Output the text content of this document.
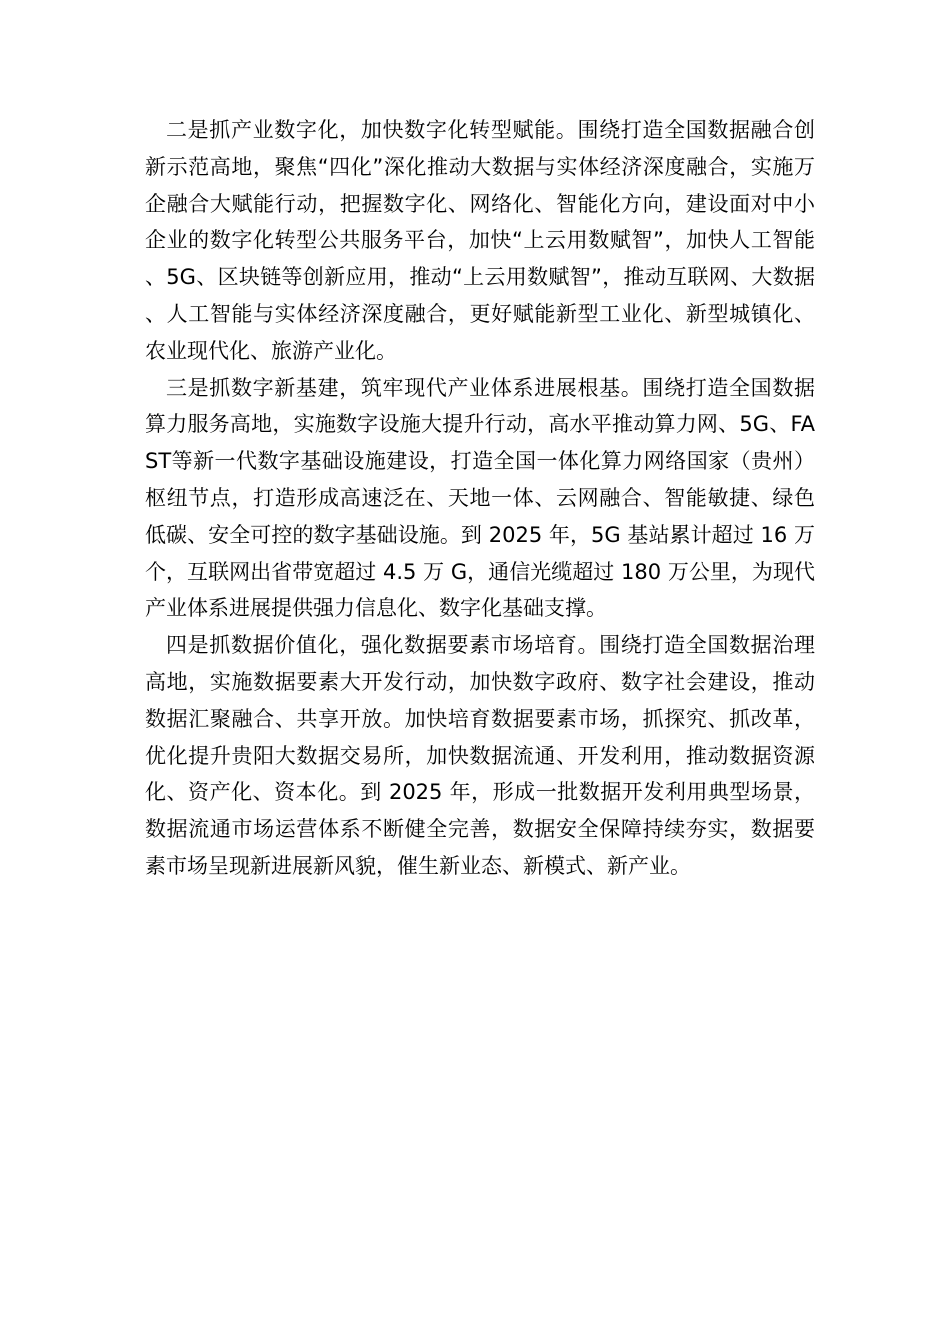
二是抓产业数字化，加快数字化转型赋能。围绕打造全国数据融合创新示范高地，聚焦“四化”深化推动大数据与实体经济深度融合，实施万企融合大赋能行动，把握数字化、网络化、智能化方向，建设面对中小企业的数字化转型公共服务平台，加快“上云用数赋智”，加快人工智能、5G、区块链等创新应用，推动“上云用数赋智”，推动互联网、大数据、人工智能与实体经济深度融合，更好赋能新型工业化、新型城镇化、农业现代化、旅游产业化。

三是抓数字新基建，筑牢现代产业体系进展根基。围绕打造全国数据算力服务高地，实施数字设施大提升行动，高水平推动算力网、5G、FAST等新一代数字基础设施建设，打造全国一体化算力网络国家（贵州）枢纽节点，打造形成高速泛在、天地一体、云网融合、智能敏捷、绿色低碳、安全可控的数字基础设施。到 2025 年，5G 基站累计超过 16 万个，互联网出省带宽超过 4.5 万 G，通信光缆超过 180 万公里，为现代产业体系进展提供强力信息化、数字化基础支撑。

四是抓数据价值化，强化数据要素市场培育。围绕打造全国数据治理高地，实施数据要素大开发行动，加快数字政府、数字社会建设，推动数据汇聚融合、共享开放。加快培育数据要素市场，抓探究、抓改革，优化提升贵阳大数据交易所，加快数据流通、开发利用，推动数据资源化、资产化、资本化。到 2025 年，形成一批数据开发利用典型场景，数据流通市场运营体系不断健全完善，数据安全保障持续夯实，数据要素市场呈现新进展新风貌，催生新业态、新模式、新产业。
